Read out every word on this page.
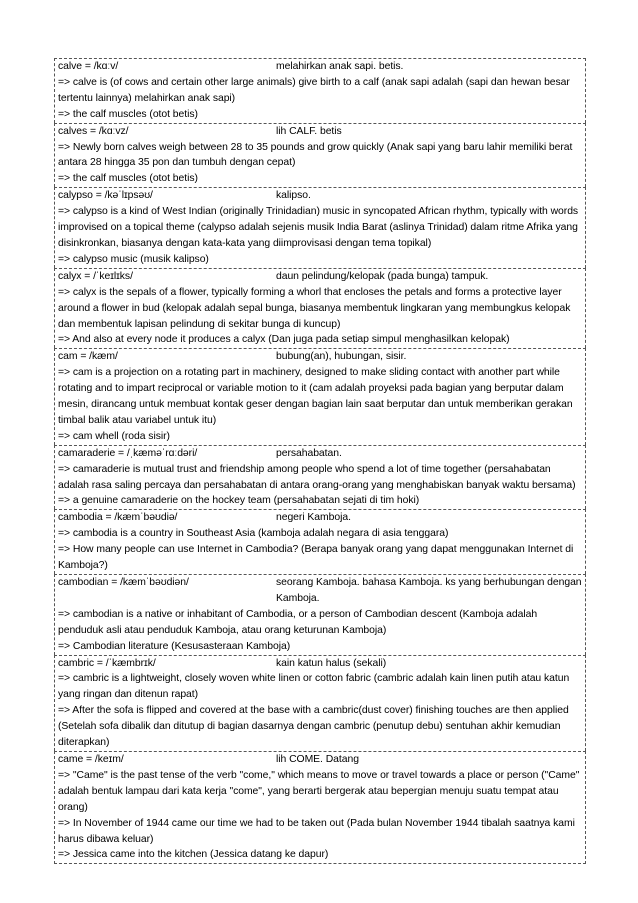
calve = /kɑːv/	melahirkan anak sapi. betis.

=> calve is (of cows and certain other large animals) give birth to a calf (anak sapi adalah (sapi dan hewan besar tertentu lainnya) melahirkan anak sapi)

=> the calf muscles (otot betis)

calves = /kɑːvz/	lih CALF. betis

=> Newly born calves weigh between 28 to 35 pounds and grow quickly (Anak sapi yang baru lahir memiliki berat antara 28 hingga 35 pon dan tumbuh dengan cepat)

=> the calf muscles (otot betis)

calypso = /kəˈlɪpsəʊ/	kalipso.

=> calypso is a kind of West Indian (originally Trinidadian) music in syncopated African rhythm, typically with words improvised on a topical theme (calypso adalah sejenis musik India Barat (aslinya Trinidad) dalam ritme Afrika yang disinkronkan, biasanya dengan kata-kata yang diimprovisasi dengan tema topikal)

=> calypso music (musik kalipso)

calyx = /ˈkeɪlɪks/	daun pelindung/kelopak (pada bunga) tampuk.

=> calyx is the sepals of a flower, typically forming a whorl that encloses the petals and forms a protective layer around a flower in bud (kelopak adalah sepal bunga, biasanya membentuk lingkaran yang membungkus kelopak dan membentuk lapisan pelindung di sekitar bunga di kuncup)

=> And also at every node it produces a calyx (Dan juga pada setiap simpul menghasilkan kelopak)

cam = /kæm/	bubung(an), hubungan, sisir.

=> cam is a projection on a rotating part in machinery, designed to make sliding contact with another part while rotating and to impart reciprocal or variable motion to it (cam adalah proyeksi pada bagian yang berputar dalam mesin, dirancang untuk membuat kontak geser dengan bagian lain saat berputar dan untuk memberikan gerakan timbal balik atau variabel untuk itu)

=> cam whell (roda sisir)

camaraderie = /ˌkæməˈrɑːdəri/	persahabatan.

=> camaraderie is mutual trust and friendship among people who spend a lot of time together (persahabatan adalah rasa saling percaya dan persahabatan di antara orang-orang yang menghabiskan banyak waktu bersama)

=> a genuine camaraderie on the hockey team (persahabatan sejati di tim hoki)

cambodia = /kæmˈbəʊdiə/	negeri Kamboja.

=> cambodia is a country in Southeast Asia (kamboja adalah negara di asia tenggara)

=> How many people can use Internet in Cambodia? (Berapa banyak orang yang dapat menggunakan Internet di Kamboja?)

cambodian = /kæmˈbəʊdiən/	seorang Kamboja. bahasa Kamboja. ks yang berhubungan dengan Kamboja.

=> cambodian is a native or inhabitant of Cambodia, or a person of Cambodian descent (Kamboja adalah penduduk asli atau penduduk Kamboja, atau orang keturunan Kamboja)

=> Cambodian literature (Kesusasteraan Kamboja)

cambric = /ˈkæmbrɪk/	kain katun halus (sekali)

=> cambric is a lightweight, closely woven white linen or cotton fabric (cambric adalah kain linen putih atau katun yang ringan dan ditenun rapat)

=> After the sofa is flipped and covered at the base with a cambric(dust cover) finishing touches are then applied (Setelah sofa dibalik dan ditutup di bagian dasarnya dengan cambric (penutup debu) sentuhan akhir kemudian diterapkan)

came = /keɪm/	lih COME. Datang

=> "Came" is the past tense of the verb "come," which means to move or travel towards a place or person ("Came" adalah bentuk lampau dari kata kerja "come", yang berarti bergerak atau bepergian menuju suatu tempat atau orang)

=> In November of 1944 came our time we had to be taken out (Pada bulan November 1944 tibalah saatnya kami harus dibawa keluar)

=> Jessica came into the kitchen (Jessica datang ke dapur)
